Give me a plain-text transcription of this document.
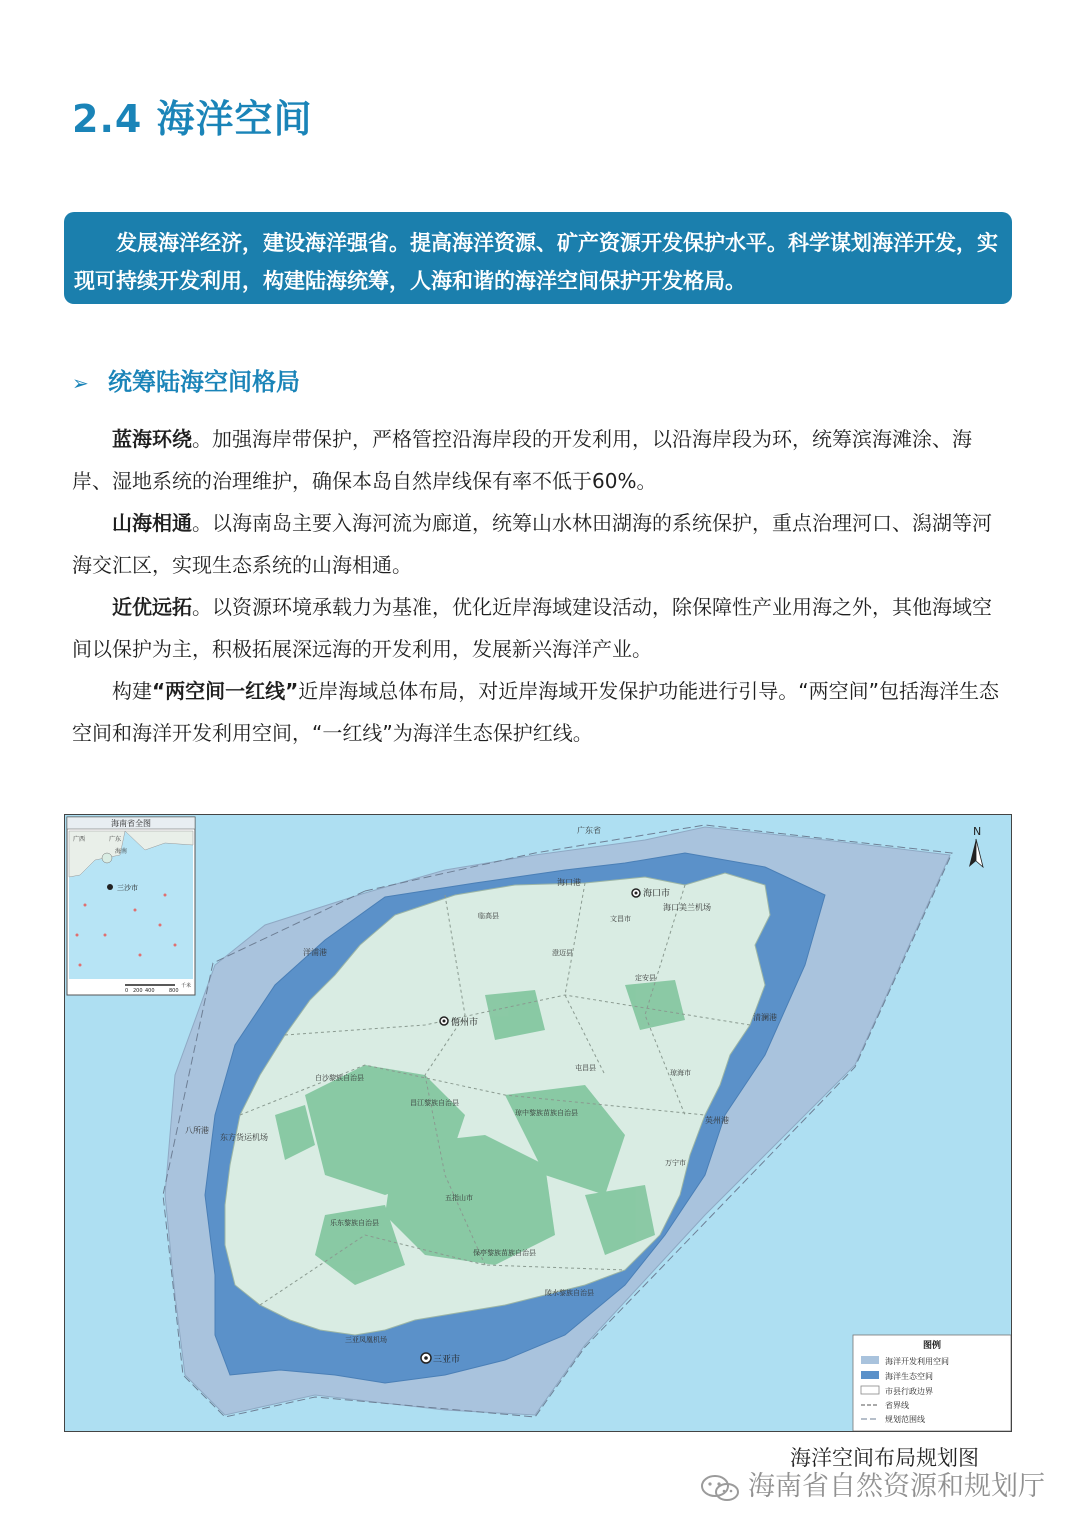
2.4 海洋空间

发展海洋经济，建设海洋强省。提高海洋资源、矿产资源开发保护水平。科学谋划海洋开发，实现可持续开发利用，构建陆海统筹，人海和谐的海洋空间保护开发格局。

➢ 统筹陆海空间格局

蓝海环绕。加强海岸带保护，严格管控沿海岸段的开发利用，以沿海岸段为环，统筹滨海滩涂、海岸、湿地系统的治理维护，确保本岛自然岸线保有率不低于60%。

山海相通。以海南岛主要入海河流为廊道，统筹山水林田湖海的系统保护，重点治理河口、潟湖等河海交汇区，实现生态系统的山海相通。

近优远拓。以资源环境承载力为基准，优化近岸海域建设活动，除保障性产业用海之外，其他海域空间以保护为主，积极拓展深远海的开发利用，发展新兴海洋产业。

构建“两空间一红线”近岸海域总体布局，对近岸海域开发保护功能进行引导。“两空间”包括海洋生态空间和海洋开发利用空间，“一红线”为海洋生态保护红线。

海南省全图
广西	广东
海南
三沙市
0 200 400	800
千米
N
广东省
海口市
海口港
海口美兰机场
儋州市
洋浦港
八所港
东方货运机场
清澜港
英州港
文昌市
琼海市
万宁市
五指山市
白沙黎族自治县
琼中黎族苗族自治县
临高县
澄迈县
定安县
屯昌县
昌江黎族自治县
乐东黎族自治县
陵水黎族自治县
保亭黎族苗族自治县
三亚市
三亚凤凰机场
图例
海洋开发利用空间
海洋生态空间
市县行政边界
省界线
规划范围线
海洋空间布局规划图
海南省自然资源和规划厅
